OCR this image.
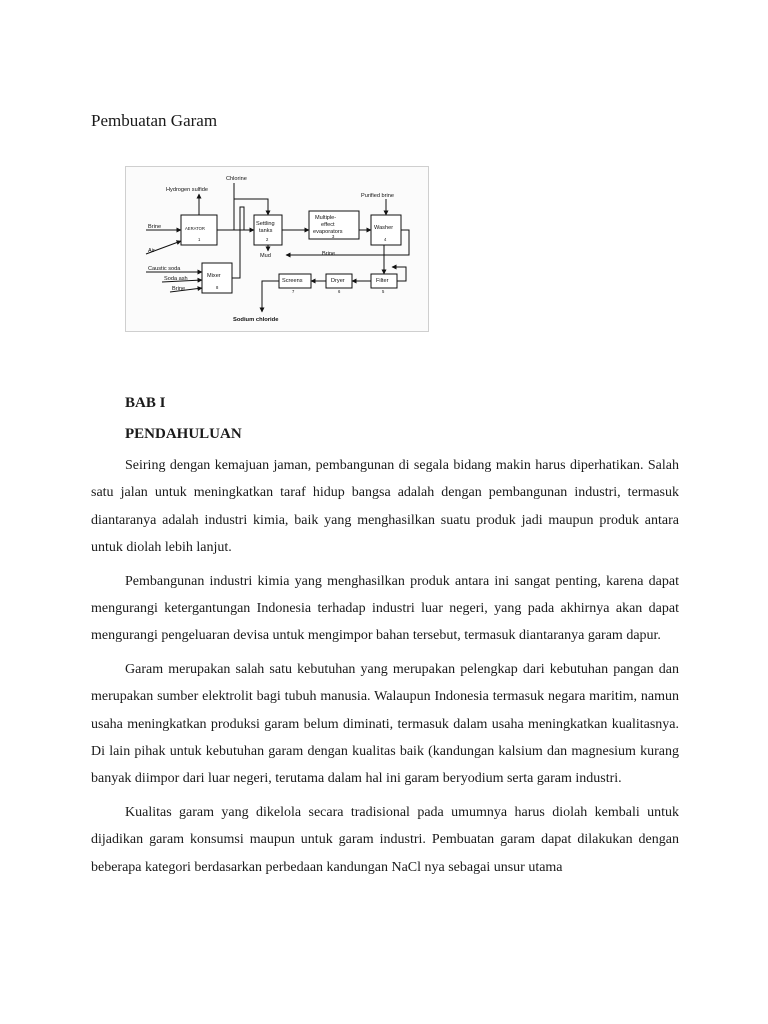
Pembuatan Garam
AERATOR
1
Settling
tanks
2
Multiple-
effect
evaporators
3
Washer
4
Mixer
8
Screens
7
Dryer
6
Filter
5
Chlorine
Hydrogen sulfide
Brine
Air
Mud
Purified brine
Brine
Caustic soda
Soda ash
Brine
Sodium chloride
BAB I
PENDAHULUAN

Seiring dengan kemajuan jaman, pembangunan di segala bidang makin harus diperhatikan. Salah satu jalan untuk meningkatkan taraf hidup bangsa adalah dengan pembangunan industri, termasuk diantaranya adalah industri kimia, baik yang menghasilkan suatu produk jadi maupun produk antara untuk diolah lebih lanjut.

Pembangunan industri kimia yang menghasilkan produk antara ini sangat penting, karena dapat mengurangi ketergantungan Indonesia terhadap industri luar negeri, yang pada akhirnya akan dapat mengurangi pengeluaran devisa untuk mengimpor bahan tersebut, termasuk diantaranya garam dapur.

Garam merupakan salah satu kebutuhan yang merupakan pelengkap dari kebutuhan pangan dan merupakan sumber elektrolit bagi tubuh manusia. Walaupun Indonesia termasuk negara maritim, namun usaha meningkatkan produksi garam belum diminati, termasuk dalam usaha meningkatkan kualitasnya. Di lain pihak untuk kebutuhan garam dengan kualitas baik (kandungan kalsium dan magnesium kurang banyak diimpor dari luar negeri, terutama dalam hal ini garam beryodium serta garam industri.

Kualitas garam yang dikelola secara tradisional pada umumnya harus diolah kembali untuk dijadikan garam konsumsi maupun untuk garam industri. Pembuatan garam dapat dilakukan dengan beberapa kategori berdasarkan perbedaan kandungan NaCl nya sebagai unsur utama
